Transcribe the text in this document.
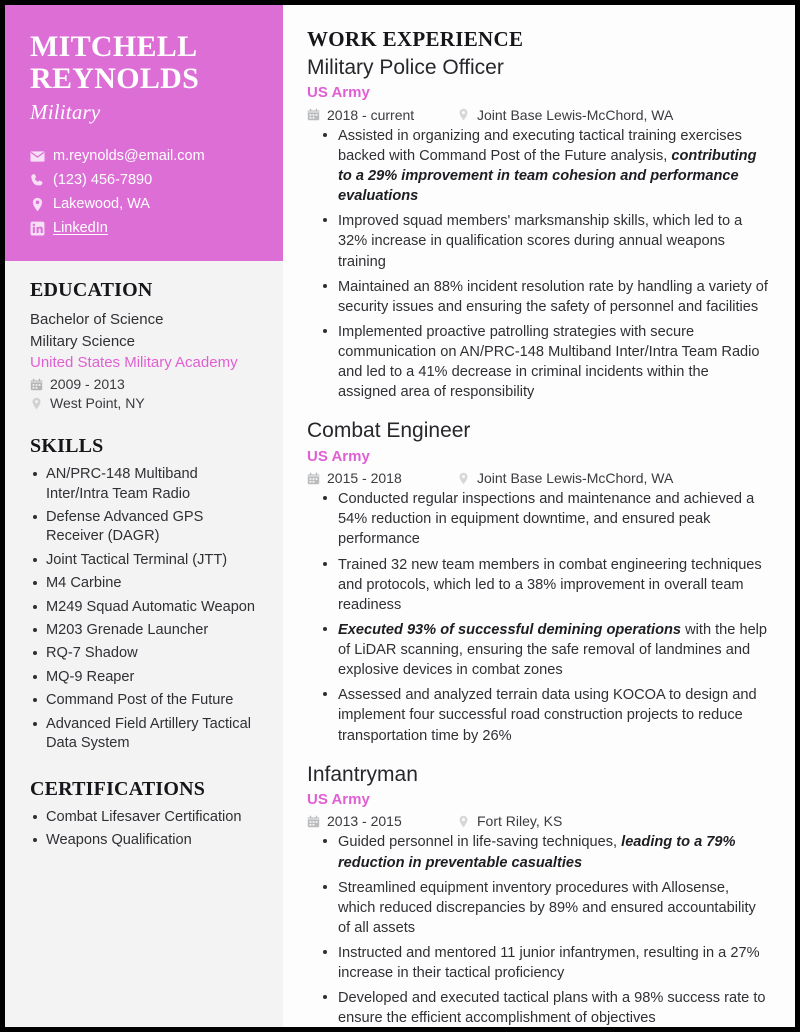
MITCHELL
REYNOLDS
Military
m.reynolds@email.com
(123) 456-7890
Lakewood, WA
LinkedIn
EDUCATION
Bachelor of Science
Military Science
United States Military Academy
2009 - 2013
West Point, NY
SKILLS
AN/PRC-148 Multiband Inter/Intra Team Radio
Defense Advanced GPS Receiver (DAGR)
Joint Tactical Terminal (JTT)
M4 Carbine
M249 Squad Automatic Weapon
M203 Grenade Launcher
RQ-7 Shadow
MQ-9 Reaper
Command Post of the Future
Advanced Field Artillery Tactical Data System
CERTIFICATIONS
Combat Lifesaver Certification
Weapons Qualification
WORK EXPERIENCE
Military Police Officer
US Army
2018 - current	Joint Base Lewis-McChord, WA
Assisted in organizing and executing tactical training exercises backed with Command Post of the Future analysis, contributing to a 29% improvement in team cohesion and performance evaluations
Improved squad members' marksmanship skills, which led to a 32% increase in qualification scores during annual weapons training
Maintained an 88% incident resolution rate by handling a variety of security issues and ensuring the safety of personnel and facilities
Implemented proactive patrolling strategies with secure communication on AN/PRC-148 Multiband Inter/Intra Team Radio and led to a 41% decrease in criminal incidents within the assigned area of responsibility
Combat Engineer
US Army
2015 - 2018	Joint Base Lewis-McChord, WA
Conducted regular inspections and maintenance and achieved a 54% reduction in equipment downtime, and ensured peak performance
Trained 32 new team members in combat engineering techniques and protocols, which led to a 38% improvement in overall team readiness
Executed 93% of successful demining operations with the help of LiDAR scanning, ensuring the safe removal of landmines and explosive devices in combat zones
Assessed and analyzed terrain data using KOCOA to design and implement four successful road construction projects to reduce transportation time by 26%
Infantryman
US Army
2013 - 2015	Fort Riley, KS
Guided personnel in life-saving techniques, leading to a 79% reduction in preventable casualties
Streamlined equipment inventory procedures with Allosense, which reduced discrepancies by 89% and ensured accountability of all assets
Instructed and mentored 11 junior infantrymen, resulting in a 27% increase in their tactical proficiency
Developed and executed tactical plans with a 98% success rate to ensure the efficient accomplishment of objectives
